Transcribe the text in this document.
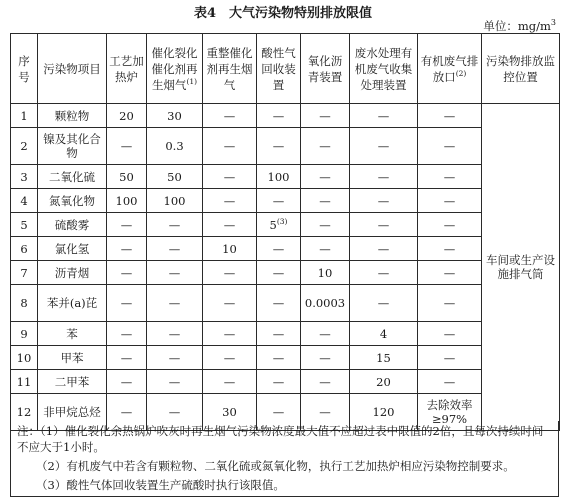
表4　大气污染物特别排放限值
单位：$mg/m^3$
序号	污染物项目	工艺加热炉	催化裂化催化剂再生烟气$^{(1)}$	重整催化剂再生烟气	酸性气回收装置	氧化沥青装置	废水处理有机废气收集处理装置	有机废气排放口$^{(2)}$	污染物排放监控位置
1	颗粒物	20	30	—	—	—	—	—	车间或生产设施排气筒
2	镍及其化合物	—	0.3	—	—	—	—	—	
3	二氧化硫	50	50	—	100	—	—	—	
4	氮氧化物	100	100	—	—	—	—	—	
5	硫酸雾	—	—	—	5$^{(3)}$	—	—	—	
6	氯化氢	—	—	10	—	—	—	—	
7	沥青烟	—	—	—	—	10	—	—	
8	苯并(a)芘	—	—	—	—	0.0003	—	—	
9	苯	—	—	—	—	—	4	—	
10	甲苯	—	—	—	—	—	15	—	
11	二甲苯	—	—	—	—	—	20	—	
12	非甲烷总烃	—	—	30	—	—	120	去除效率≥97%	

注：（1）催化裂化余热锅炉吹灰时再生烟气污染物浓度最大值不应超过表中限值的2倍，且每次持续时间不应大于1小时。

（2）有机废气中若含有颗粒物、二氧化硫或氮氧化物，执行工艺加热炉相应污染物控制要求。

（3）酸性气体回收装置生产硫酸时执行该限值。
